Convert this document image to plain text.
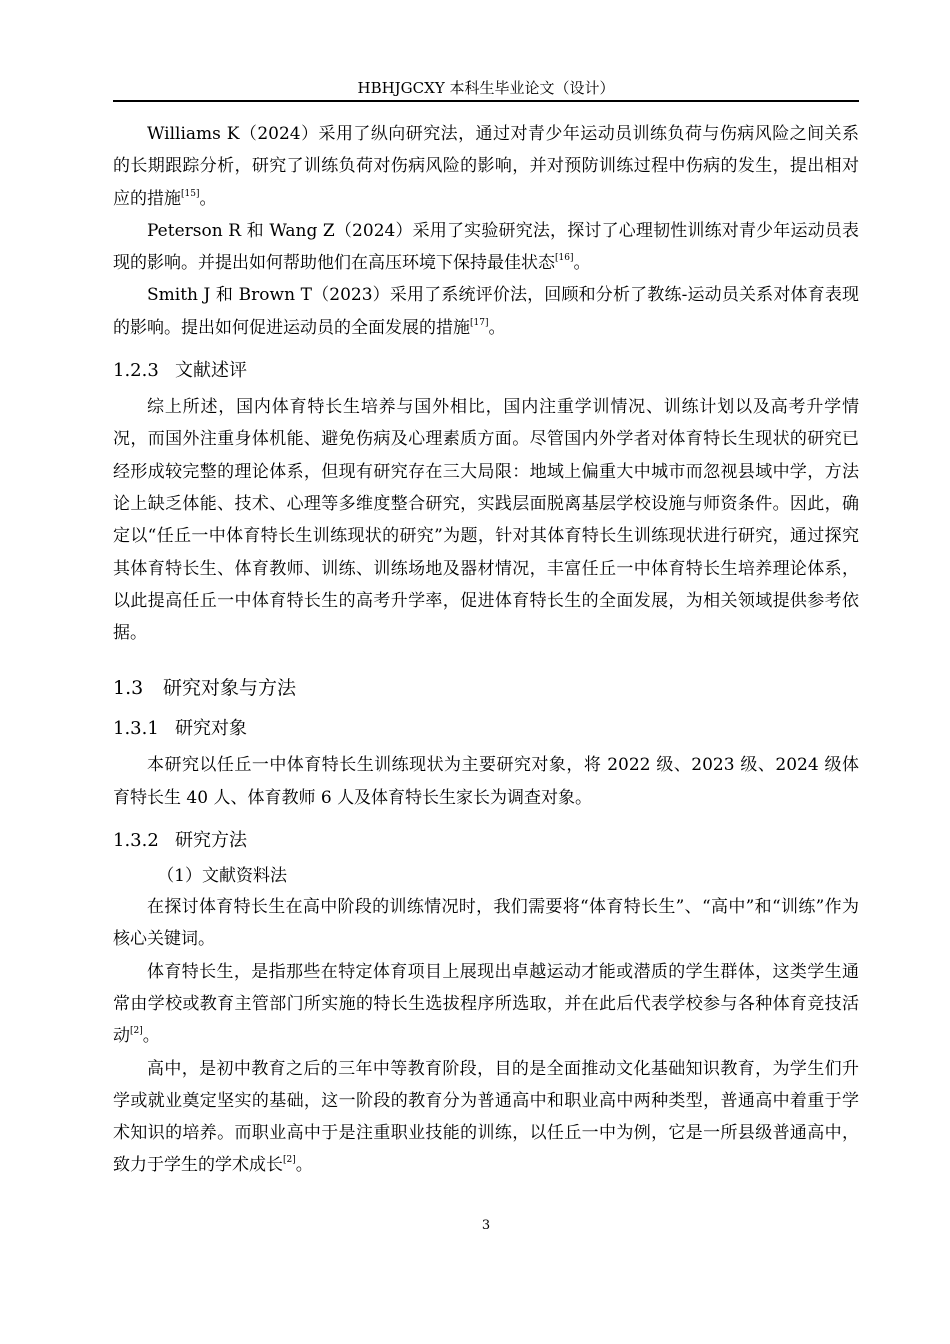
HBHJGCXY 本科生毕业论文（设计）

Williams K（2024）采用了纵向研究法，通过对青少年运动员训练负荷与伤病风险之间关系的长期跟踪分析，研究了训练负荷对伤病风险的影响，并对预防训练过程中伤病的发生，提出相对应的措施[15]。

Peterson R 和 Wang Z（2024）采用了实验研究法，探讨了心理韧性训练对青少年运动员表现的影响。并提出如何帮助他们在高压环境下保持最佳状态[16]。

Smith J 和 Brown T（2023）采用了系统评价法，回顾和分析了教练-运动员关系对体育表现的影响。提出如何促进运动员的全面发展的措施[17]。

1.2.3 文献述评

综上所述，国内体育特长生培养与国外相比，国内注重学训情况、训练计划以及高考升学情况，而国外注重身体机能、避免伤病及心理素质方面。尽管国内外学者对体育特长生现状的研究已经形成较完整的理论体系，但现有研究存在三大局限：地域上偏重大中城市而忽视县域中学，方法论上缺乏体能、技术、心理等多维度整合研究，实践层面脱离基层学校设施与师资条件。因此，确定以“任丘一中体育特长生训练现状的研究”为题，针对其体育特长生训练现状进行研究，通过探究其体育特长生、体育教师、训练、训练场地及器材情况，丰富任丘一中体育特长生培养理论体系，以此提高任丘一中体育特长生的高考升学率，促进体育特长生的全面发展，为相关领域提供参考依据。

1.3 研究对象与方法
1.3.1 研究对象

本研究以任丘一中体育特长生训练现状为主要研究对象，将 2022 级、2023 级、2024 级体育特长生 40 人、体育教师 6 人及体育特长生家长为调查对象。

1.3.2 研究方法

（1）文献资料法

在探讨体育特长生在高中阶段的训练情况时，我们需要将“体育特长生”、“高中”和“训练”作为核心关键词。

体育特长生，是指那些在特定体育项目上展现出卓越运动才能或潜质的学生群体，这类学生通常由学校或教育主管部门所实施的特长生选拔程序所选取，并在此后代表学校参与各种体育竞技活动[2]。

高中，是初中教育之后的三年中等教育阶段，目的是全面推动文化基础知识教育，为学生们升学或就业奠定坚实的基础，这一阶段的教育分为普通高中和职业高中两种类型，普通高中着重于学术知识的培养。而职业高中于是注重职业技能的训练，以任丘一中为例，它是一所县级普通高中，致力于学生的学术成长[2]。

3
